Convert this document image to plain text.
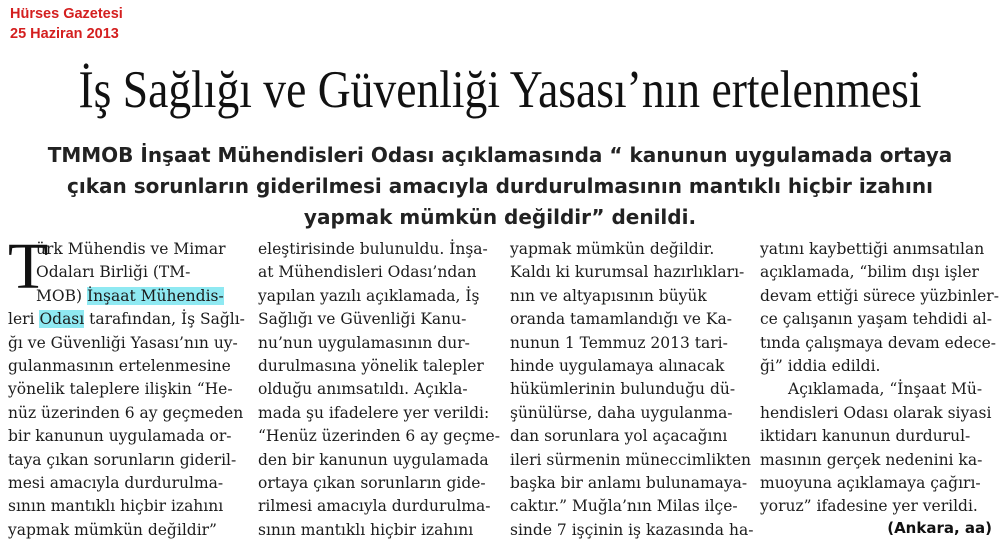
Hürses Gazetesi
25 Haziran 2013
İş Sağlığı ve Güvenliği Yasası’nın ertelenmesi
TMMOB İnşaat Mühendisleri Odası açıklamasında “ kanunun uygulamada ortaya
çıkan sorunların giderilmesi amacıyla durdurulmasının mantıklı hiçbir izahını
yapmak mümkün değildir” denildi.
T
ürk Mühendis ve Mimar
Odaları Birliği (TM-
MOB) İnşaat Mühendis-
leri Odası tarafından, İş Sağlı-
ğı ve Güvenliği Yasası’nın uy-
gulanmasının ertelenmesine
yönelik taleplere ilişkin “He-
nüz üzerinden 6 ay geçmeden
bir kanunun uygulamada or-
taya çıkan sorunların gideril-
mesi amacıyla durdurulma-
sının mantıklı hiçbir izahını
yapmak mümkün değildir”
eleştirisinde bulunuldu. İnşa-
at Mühendisleri Odası’ndan
yapılan yazılı açıklamada, İş
Sağlığı ve Güvenliği Kanu-
nu’nun uygulamasının dur-
durulmasına yönelik talepler
olduğu anımsatıldı. Açıkla-
mada şu ifadelere yer verildi:
“Henüz üzerinden 6 ay geçme-
den bir kanunun uygulamada
ortaya çıkan sorunların gide-
rilmesi amacıyla durdurulma-
sının mantıklı hiçbir izahını
yapmak mümkün değildir.
Kaldı ki kurumsal hazırlıkları-
nın ve altyapısının büyük
oranda tamamlandığı ve Ka-
nunun 1 Temmuz 2013 tari-
hinde uygulamaya alınacak
hükümlerinin bulunduğu dü-
şünülürse, daha uygulanma-
dan sorunlara yol açacağını
ileri sürmenin müneccimlikten
başka bir anlamı bulunamaya-
caktır.” Muğla’nın Milas ilçe-
sinde 7 işçinin iş kazasında ha-
yatını kaybettiği anımsatılan
açıklamada, “bilim dışı işler
devam ettiği sürece yüzbinler-
ce çalışanın yaşam tehdidi al-
tında çalışmaya devam edece-
ği” iddia edildi.
Açıklamada, “İnşaat Mü-
hendisleri Odası olarak siyasi
iktidarı kanunun durdurul-
masının gerçek nedenini ka-
muoyuna açıklamaya çağırı-
yoruz” ifadesine yer verildi.
(Ankara, aa)
